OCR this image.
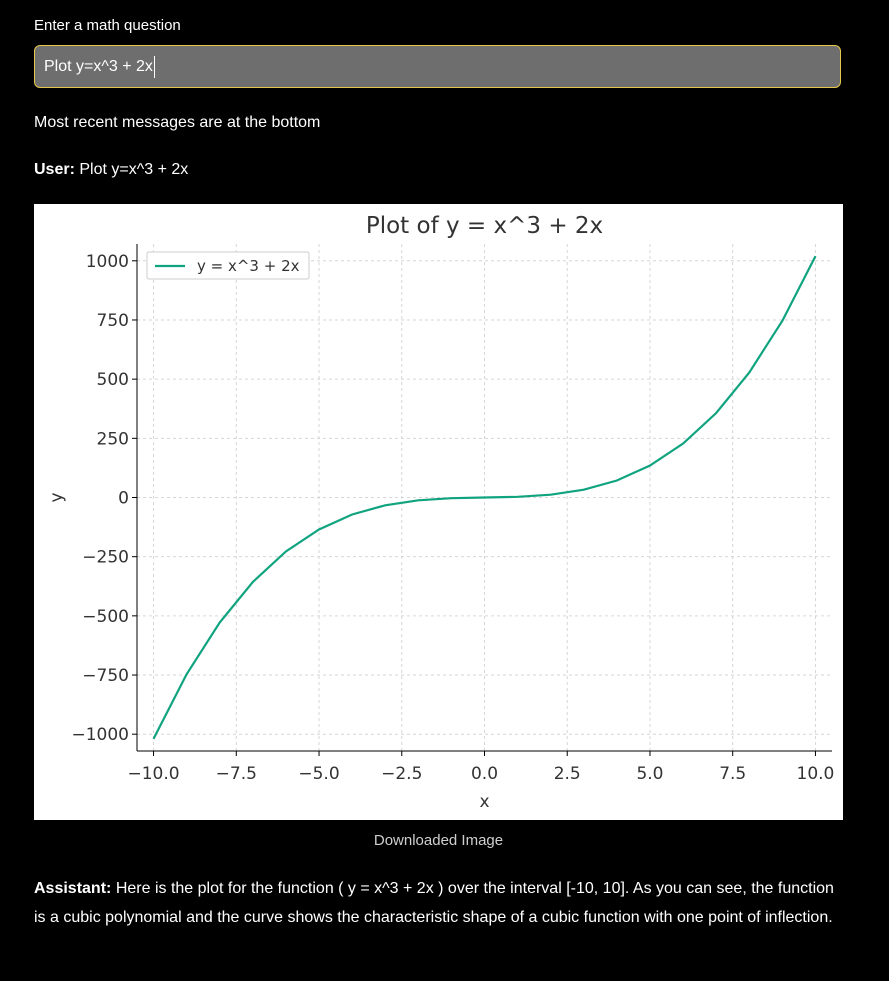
Enter a math question
Plot y=x^3 + 2x
Most recent messages are at the bottom
User: Plot y=x^3 + 2x
−10.0 −7.5 −5.0 −2.5	0.0	2.5	5.0	7.5	10.0
1000
750
500
250
0
−250
−500
−750
−1000
Plot of y = x^3 + 2x
x
y
y = x^3 + 2x
Downloaded Image
Assistant: Here is the plot for the function ( y = x^3 + 2x ) over the interval [-10, 10]. As you can see, the function is a cubic polynomial and the curve shows the characteristic shape of a cubic function with one point of inflection.
